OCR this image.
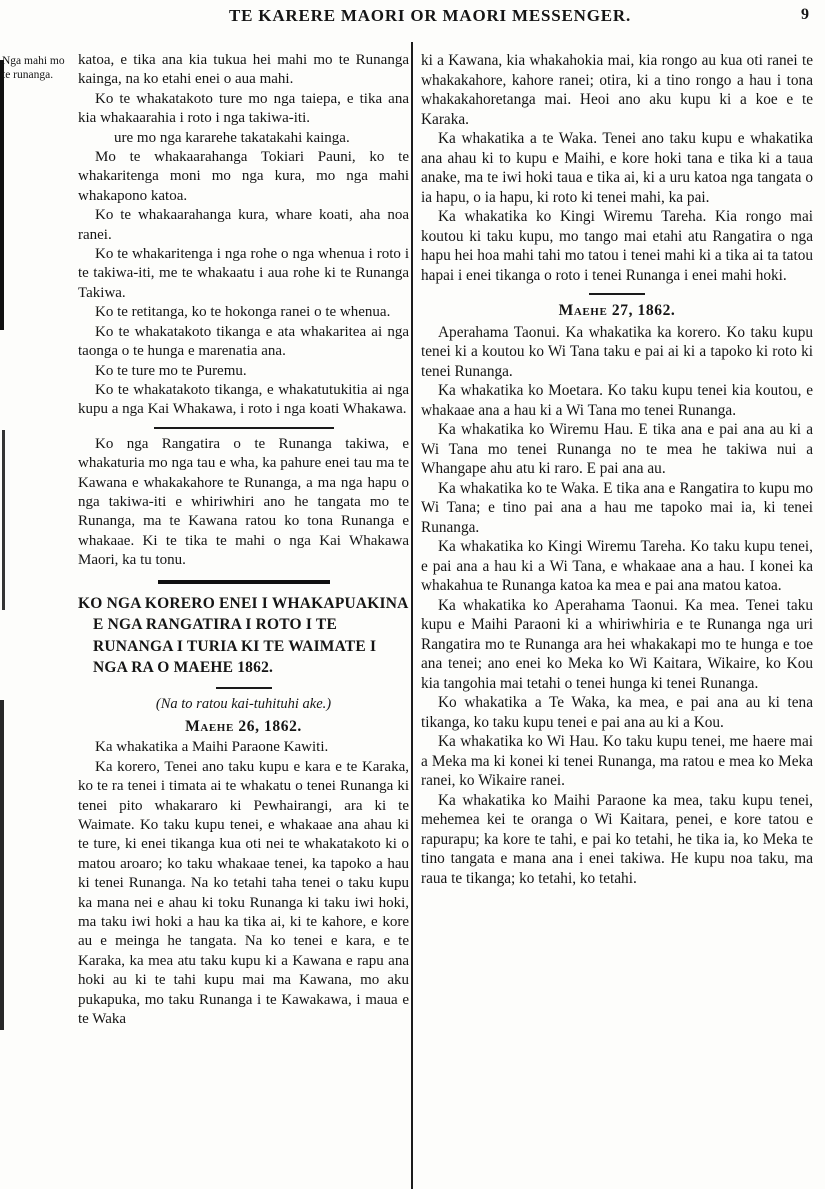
TE KARERE MAORI OR MAORI MESSENGER.	9
Nga mahi mo
te runanga.

katoa, e tika ana kia tukua hei mahi mo te Runanga kainga, na ko etahi enei o aua mahi.

Ko te whakatakoto ture mo nga taiepa, e tika ana kia whakaarahia i roto i nga takiwa-iti.

ure mo nga kararehe takatakahi kainga.

Mo te whakaarahanga Tokiari Pauni, ko te whakaritenga moni mo nga kura, mo nga mahi whakapono katoa.

Ko te whakaarahanga kura, whare koati, aha noa ranei.

Ko te whakaritenga i nga rohe o nga whenua i roto i te takiwa-iti, me te whakaatu i aua rohe ki te Runanga Takiwa.

Ko te retitanga, ko te hokonga ranei o te whenua.

Ko te whakatakoto tikanga e ata whakaritea ai nga taonga o te hunga e marenatia ana.

Ko te ture mo te Puremu.

Ko te whakatakoto tikanga, e whakatutukitia ai nga kupu a nga Kai Whakawa, i roto i nga koati Whakawa.

Ko nga Rangatira o te Runanga takiwa, e whakaturia mo nga tau e wha, ka pahure enei tau ma te Kawana e whakakahore te Runanga, a ma nga hapu o nga takiwa-iti e whiriwhiri ano he tangata mo te Runanga, ma te Kawana ratou ko tona Runanga e whakaae. Ki te tika te mahi o nga Kai Whakawa Maori, ka tu tonu.

KO NGA KORERO ENEI I WHAKAPUAKINA E NGA RANGATIRA I ROTO I TE RUNANGA I TURIA KI TE WAIMATE I NGA RA O MAEHE 1862.
(Na to ratou kai-tuhituhi ake.)
Maehe 26, 1862.

Ka whakatika a Maihi Paraone Kawiti.

Ka korero, Tenei ano taku kupu e kara e te Karaka, ko te ra tenei i timata ai te whakatu o tenei Runanga ki tenei pito whakararo ki Pewhairangi, ara ki te Waimate. Ko taku kupu tenei, e whakaae ana ahau ki te ture, ki enei tikanga kua oti nei te whakatakoto ki o matou aroaro; ko taku whakaae tenei, ka tapoko a hau ki tenei Runanga. Na ko tetahi taha tenei o taku kupu ka mana nei e ahau ki toku Runanga ki taku iwi hoki, ma taku iwi hoki a hau ka tika ai, ki te kahore, e kore au e meinga he tangata. Na ko tenei e kara, e te Karaka, ka mea atu taku kupu ki a Kawana e rapu ana hoki au ki te tahi kupu mai ma Kawana, mo aku pukapuka, mo taku Runanga i te Kawakawa, i maua e te Waka

ki a Kawana, kia whakahokia mai, kia rongo au kua oti ranei te whakakahore, kahore ranei; otira, ki a tino rongo a hau i tona whakakahoretanga mai. Heoi ano aku kupu ki a koe e te Karaka.

Ka whakatika a te Waka. Tenei ano taku kupu e whakatika ana ahau ki to kupu e Maihi, e kore hoki tana e tika ki a taua anake, ma te iwi hoki taua e tika ai, ki a uru katoa nga tangata o ia hapu, o ia hapu, ki roto ki tenei mahi, ka pai.

Ka whakatika ko Kingi Wiremu Tareha. Kia rongo mai koutou ki taku kupu, mo tango mai etahi atu Rangatira o nga hapu hei hoa mahi tahi mo tatou i tenei mahi ki a tika ai ta tatou hapai i enei tikanga o roto i tenei Runanga i enei mahi hoki.

Maehe 27, 1862.

Aperahama Taonui. Ka whakatika ka korero. Ko taku kupu tenei ki a koutou ko Wi Tana taku e pai ai ki a tapoko ki roto ki tenei Runanga.

Ka whakatika ko Moetara. Ko taku kupu tenei kia koutou, e whakaae ana a hau ki a Wi Tana mo tenei Runanga.

Ka whakatika ko Wiremu Hau. E tika ana e pai ana au ki a Wi Tana mo tenei Runanga no te mea he takiwa nui a Whangape ahu atu ki raro. E pai ana au.

Ka whakatika ko te Waka. E tika ana e Rangatira to kupu mo Wi Tana; e tino pai ana a hau me tapoko mai ia, ki tenei Runanga.

Ka whakatika ko Kingi Wiremu Tareha. Ko taku kupu tenei, e pai ana a hau ki a Wi Tana, e whakaae ana a hau. I konei ka whakahua te Runanga katoa ka mea e pai ana matou katoa.

Ka whakatika ko Aperahama Taonui. Ka mea. Tenei taku kupu e Maihi Paraoni ki a whiriwhiria e te Runanga nga uri Rangatira mo te Runanga ara hei whakakapi mo te hunga e toe ana tenei; ano enei ko Meka ko Wi Kaitara, Wikaire, ko Kou kia tangohia mai tetahi o tenei hunga ki tenei Runanga.

Ko whakatika a Te Waka, ka mea, e pai ana au ki tena tikanga, ko taku kupu tenei e pai ana au ki a Kou.

Ka whakatika ko Wi Hau. Ko taku kupu tenei, me haere mai a Meka ma ki konei ki tenei Runanga, ma ratou e mea ko Meka ranei, ko Wikaire ranei.

Ka whakatika ko Maihi Paraone ka mea, taku kupu tenei, mehemea kei te oranga o Wi Kaitara, penei, e kore tatou e rapurapu; ka kore te tahi, e pai ko tetahi, he tika ia, ko Meka te tino tangata e mana ana i enei takiwa. He kupu noa taku, ma raua te tikanga; ko tetahi, ko tetahi.
